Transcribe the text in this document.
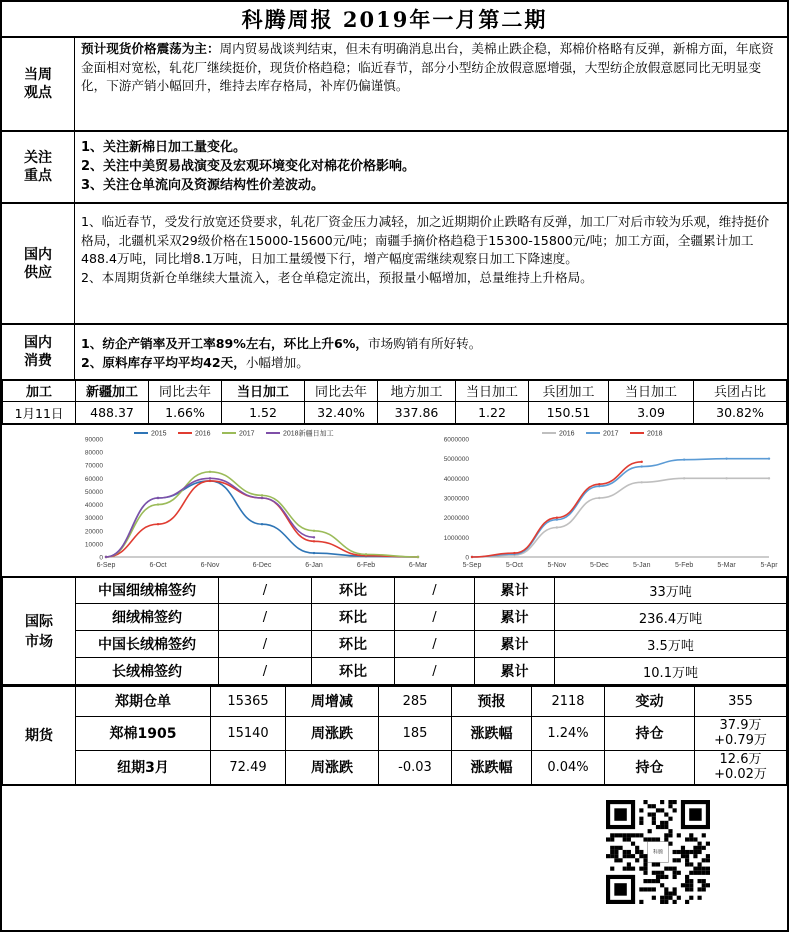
科腾周报 2019年一月第二期
当周
观点
预计现货价格震荡为主：周内贸易战谈判结束，但未有明确消息出台，美棉止跌企稳，郑棉价格略有反弹，新棉方面，年底资金面相对宽松，轧花厂继续挺价，现货价格趋稳；临近春节，部分小型纺企放假意愿增强，大型纺企放假意愿同比无明显变化，下游产销小幅回升，维持去库存格局，补库仍偏谨慎。
关注
重点
1、关注新棉日加工量变化。
2、关注中美贸易战演变及宏观环境变化对棉花价格影响。
3、关注仓单流向及资源结构性价差波动。
国内
供应
1、临近春节，受发行放宽还贷要求，轧花厂资金压力减轻，加之近期期价止跌略有反弹，加工厂对后市较为乐观，维持挺价格局，北疆机采双29级价格在15000-15600元/吨；南疆手摘价格趋稳于15300-15800元/吨；加工方面，全疆累计加工488.4万吨，同比增8.1万吨，日加工量缓慢下行，增产幅度需继续观察日加工下降速度。
2、本周期货新仓单继续大量流入，老仓单稳定流出，预报量小幅增加，总量维持上升格局。
国内
消费
1、纺企产销率及开工率89%左右，环比上升6%，市场购销有所好转。
2、原料库存平均平均42天，小幅增加。
加工	新疆加工	同比去年	当日加工	同比去年	地方加工	当日加工	兵团加工	当日加工	兵团占比
1月11日	488.37	1.66%	1.52	32.40%	337.86	1.22	150.51	3.09	30.82%
0
10000
20000
30000
40000
50000
60000
70000
80000
90000
6-Sep	6-Oct	6-Nov	6-Dec	6-Jan	6-Feb	6-Mar
2015	2016	2017	2018新疆日加工
0
1000000
2000000
3000000
4000000
5000000
6000000
5-Sep	5-Oct	5-Nov	5-Dec	5-Jan	5-Feb	5-Mar	5-Apr
2016	2017	2018
国际
市场	中国细绒棉签约	/	环比	/	累计	33万吨
	细绒棉签约	/	环比	/	累计	236.4万吨
	中国长绒棉签约	/	环比	/	累计	3.5万吨
	长绒棉签约	/	环比	/	累计	10.1万吨
期货	郑期仓单	15365	周增减	285	预报	2118	变动	355
	郑棉1905	15140	周涨跌	185	涨跌幅	1.24%	持仓	37.9万
+0.79万
	纽期3月	72.49	周涨跌	-0.03	涨跌幅	0.04%	持仓	12.6万
+0.02万
科腾
